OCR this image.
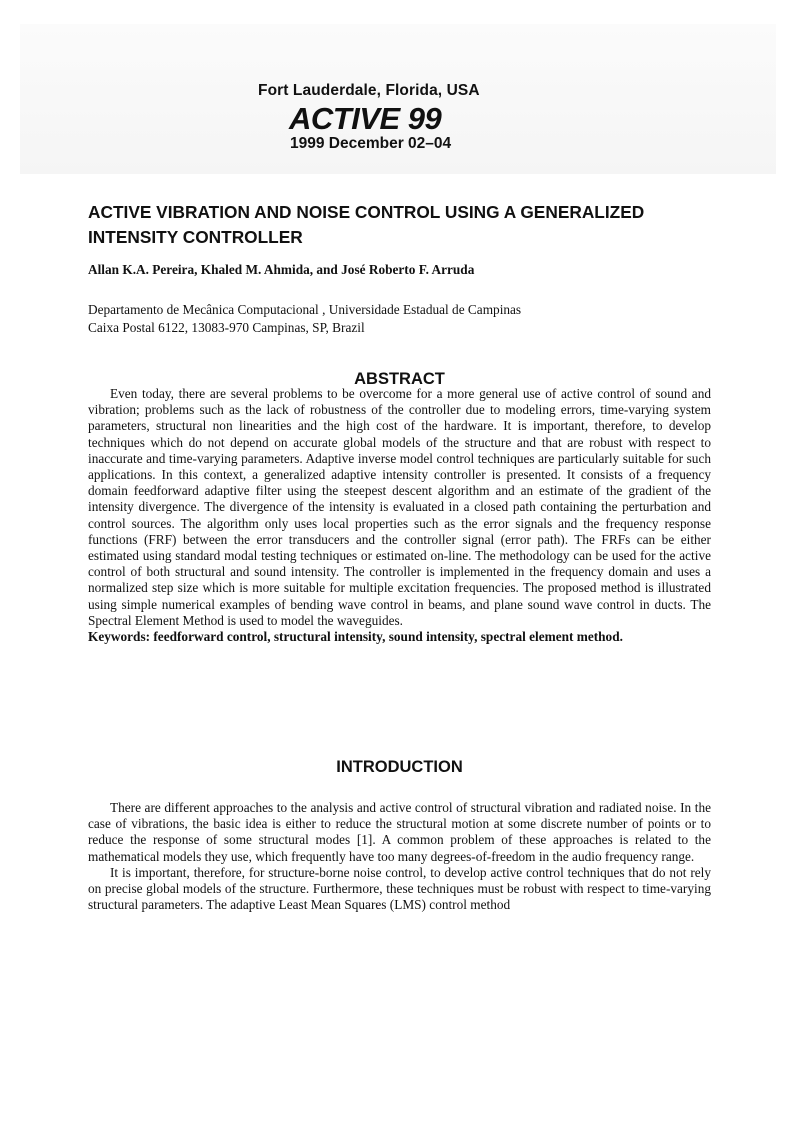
Fort Lauderdale, Florida, USA
ACTIVE 99
1999 December 02–04
ACTIVE VIBRATION AND NOISE CONTROL USING A GENERALIZED INTENSITY CONTROLLER
Allan K.A. Pereira, Khaled M. Ahmida, and José Roberto F. Arruda
Departamento de Mecânica Computacional , Universidade Estadual de Campinas
Caixa Postal 6122, 13083-970 Campinas, SP, Brazil
ABSTRACT

Even today, there are several problems to be overcome for a more general use of active control of sound and vibration; problems such as the lack of robustness of the controller due to modeling errors, time-varying system parameters, structural non linearities and the high cost of the hardware. It is important, therefore, to develop techniques which do not depend on accurate global models of the structure and that are robust with respect to inaccurate and time-varying parameters. Adaptive inverse model control techniques are particularly suitable for such applications. In this context, a generalized adaptive intensity controller is presented. It consists of a frequency domain feedforward adaptive filter using the steepest descent algorithm and an estimate of the gradient of the intensity divergence. The divergence of the intensity is evaluated in a closed path containing the perturbation and control sources. The algorithm only uses local properties such as the error signals and the frequency response functions (FRF) between the error transducers and the controller signal (error path). The FRFs can be either estimated using standard modal testing techniques or estimated on-line. The methodology can be used for the active control of both structural and sound intensity. The controller is implemented in the frequency domain and uses a normalized step size which is more suitable for multiple excitation frequencies. The proposed method is illustrated using simple numerical examples of bending wave control in beams, and plane sound wave control in ducts. The Spectral Element Method is used to model the waveguides.

Keywords: feedforward control, structural intensity, sound intensity, spectral element method.

INTRODUCTION

There are different approaches to the analysis and active control of structural vibration and radiated noise. In the case of vibrations, the basic idea is either to reduce the structural motion at some discrete number of points or to reduce the response of some structural modes [1]. A common problem of these approaches is related to the mathematical models they use, which frequently have too many degrees-of-freedom in the audio frequency range.

It is important, therefore, for structure-borne noise control, to develop active control techniques that do not rely on precise global models of the structure. Furthermore, these techniques must be robust with respect to time-varying structural parameters. The adaptive Least Mean Squares (LMS) control method
